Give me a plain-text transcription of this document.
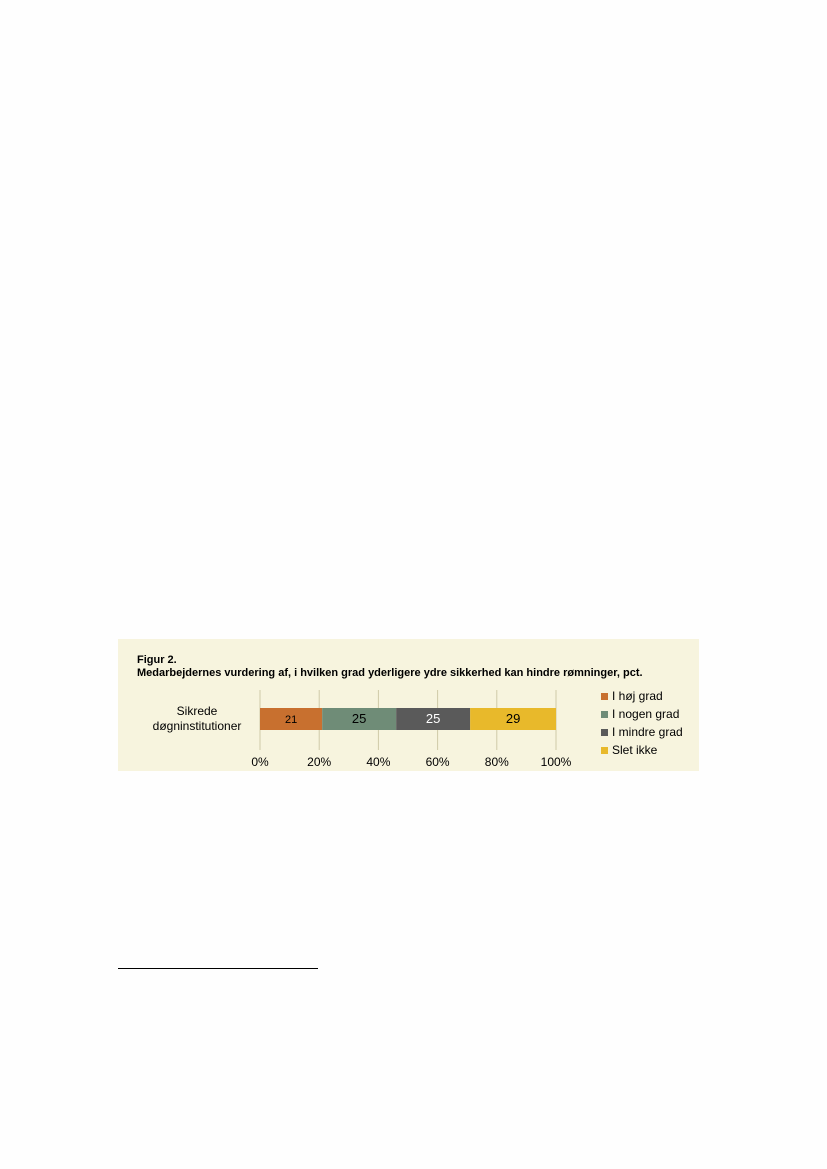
Figur 2.
Medarbejdernes vurdering af, i hvilken grad yderligere ydre sikkerhed kan hindre rømninger, pct.
Sikrede
døgninstitutioner
0%	20%	40%	60%	80%	100%
21	25	25	29
I høj grad
I nogen grad
I mindre grad
Slet ikke
